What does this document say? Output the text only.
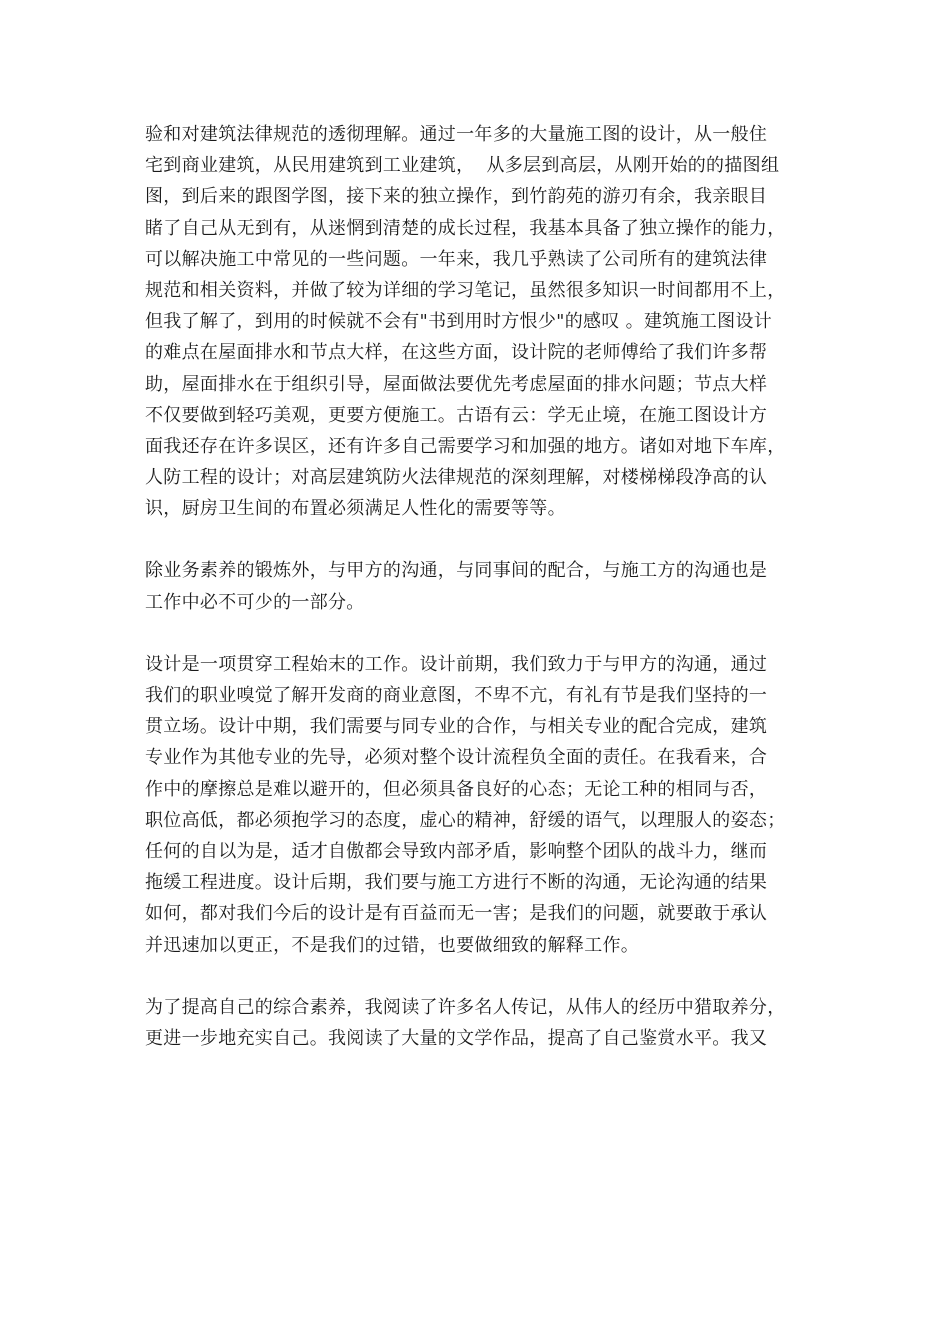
验和对建筑法律规范的透彻理解。通过一年多的大量施工图的设计，从一般住
宅到商业建筑，从民用建筑到工业建筑，  从多层到高层，从刚开始的的描图组
图，到后来的跟图学图，接下来的独立操作，到竹韵苑的游刃有余，我亲眼目
睹了自己从无到有，从迷惘到清楚的成长过程，我基本具备了独立操作的能力，
可以解决施工中常见的一些问题。一年来，我几乎熟读了公司所有的建筑法律
规范和相关资料，并做了较为详细的学习笔记，虽然很多知识一时间都用不上，
但我了解了，到用的时候就不会有"书到用时方恨少"的感叹 。建筑施工图设计
的难点在屋面排水和节点大样，在这些方面，设计院的老师傅给了我们许多帮
助，屋面排水在于组织引导，屋面做法要优先考虑屋面的排水问题；节点大样
不仅要做到轻巧美观，更要方便施工。古语有云：学无止境，在施工图设计方
面我还存在许多误区，还有许多自己需要学习和加强的地方。诸如对地下车库，
人防工程的设计；对高层建筑防火法律规范的深刻理解，对楼梯梯段净高的认
识，厨房卫生间的布置必须满足人性化的需要等等。
除业务素养的锻炼外，与甲方的沟通，与同事间的配合，与施工方的沟通也是
工作中必不可少的一部分。
设计是一项贯穿工程始末的工作。设计前期，我们致力于与甲方的沟通，通过
我们的职业嗅觉了解开发商的商业意图，不卑不亢，有礼有节是我们坚持的一
贯立场。设计中期，我们需要与同专业的合作，与相关专业的配合完成，建筑
专业作为其他专业的先导，必须对整个设计流程负全面的责任。在我看来，合
作中的摩擦总是难以避开的，但必须具备良好的心态；无论工种的相同与否，
职位高低，都必须抱学习的态度，虚心的精神，舒缓的语气，以理服人的姿态；
任何的自以为是，适才自傲都会导致内部矛盾，影响整个团队的战斗力，继而
拖缓工程进度。设计后期，我们要与施工方进行不断的沟通，无论沟通的结果
如何，都对我们今后的设计是有百益而无一害；是我们的问题，就要敢于承认
并迅速加以更正，不是我们的过错，也要做细致的解释工作。
为了提高自己的综合素养，我阅读了许多名人传记，从伟人的经历中猎取养分，
更进一步地充实自己。我阅读了大量的文学作品，提高了自己鉴赏水平。我又
